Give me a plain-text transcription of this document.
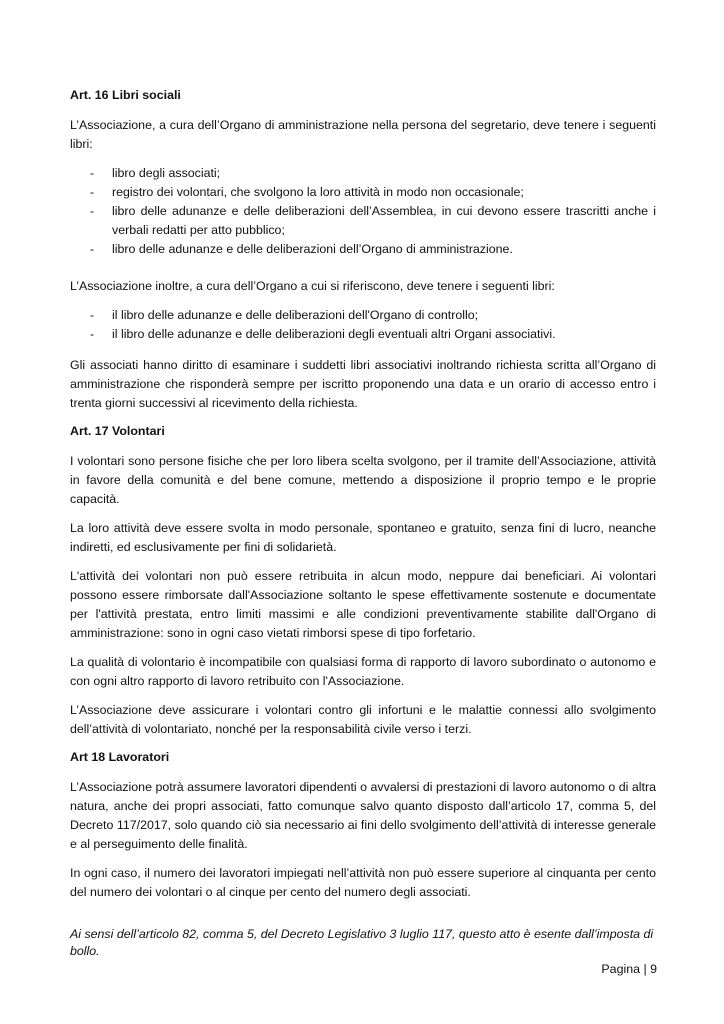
Art. 16 Libri sociali

L’Associazione, a cura dell’Organo di amministrazione nella persona del segretario, deve tenere i seguenti libri:

- libro degli associati;
- registro dei volontari, che svolgono la loro attività in modo non occasionale;
- libro delle adunanze e delle deliberazioni dell’Assemblea, in cui devono essere trascritti anche i verbali redatti per atto pubblico;
- libro delle adunanze e delle deliberazioni dell’Organo di amministrazione.

L’Associazione inoltre, a cura dell’Organo a cui si riferiscono, deve tenere i seguenti libri:

- il libro delle adunanze e delle deliberazioni dell'Organo di controllo;
- il libro delle adunanze e delle deliberazioni degli eventuali altri Organi associativi.

Gli associati hanno diritto di esaminare i suddetti libri associativi inoltrando richiesta scritta all’Organo di amministrazione che risponderà sempre per iscritto proponendo una data e un orario di accesso entro i trenta giorni successivi al ricevimento della richiesta.

Art. 17 Volontari

I volontari sono persone fisiche che per loro libera scelta svolgono, per il tramite dell’Associazione, attività in favore della comunità e del bene comune, mettendo a disposizione il proprio tempo e le proprie capacità.

La loro attività deve essere svolta in modo personale, spontaneo e gratuito, senza fini di lucro, neanche indiretti, ed esclusivamente per fini di solidarietà.

L'attività dei volontari non può essere retribuita in alcun modo, neppure dai beneficiari. Ai volontari possono essere rimborsate dall'Associazione soltanto le spese effettivamente sostenute e documentate per l'attività prestata, entro limiti massimi e alle condizioni preventivamente stabilite dall'Organo di amministrazione: sono in ogni caso vietati rimborsi spese di tipo forfetario.

La qualità di volontario è incompatibile con qualsiasi forma di rapporto di lavoro subordinato o autonomo e con ogni altro rapporto di lavoro retribuito con l'Associazione.

L’Associazione deve assicurare i volontari contro gli infortuni e le malattie connessi allo svolgimento dell’attività di volontariato, nonché per la responsabilità civile verso i terzi.

Art 18 Lavoratori

L’Associazione potrà assumere lavoratori dipendenti o avvalersi di prestazioni di lavoro autonomo o di altra natura, anche dei propri associati, fatto comunque salvo quanto disposto dall’articolo 17, comma 5, del Decreto 117/2017, solo quando ciò sia necessario ai fini dello svolgimento dell’attività di interesse generale e al perseguimento delle finalità.

In ogni caso, il numero dei lavoratori impiegati nell’attività non può essere superiore al cinquanta per cento del numero dei volontari o al cinque per cento del numero degli associati.

Ai sensi dell’articolo 82, comma 5, del Decreto Legislativo 3 luglio 117, questo atto è esente dall’imposta di bollo.
Pagina | 9
